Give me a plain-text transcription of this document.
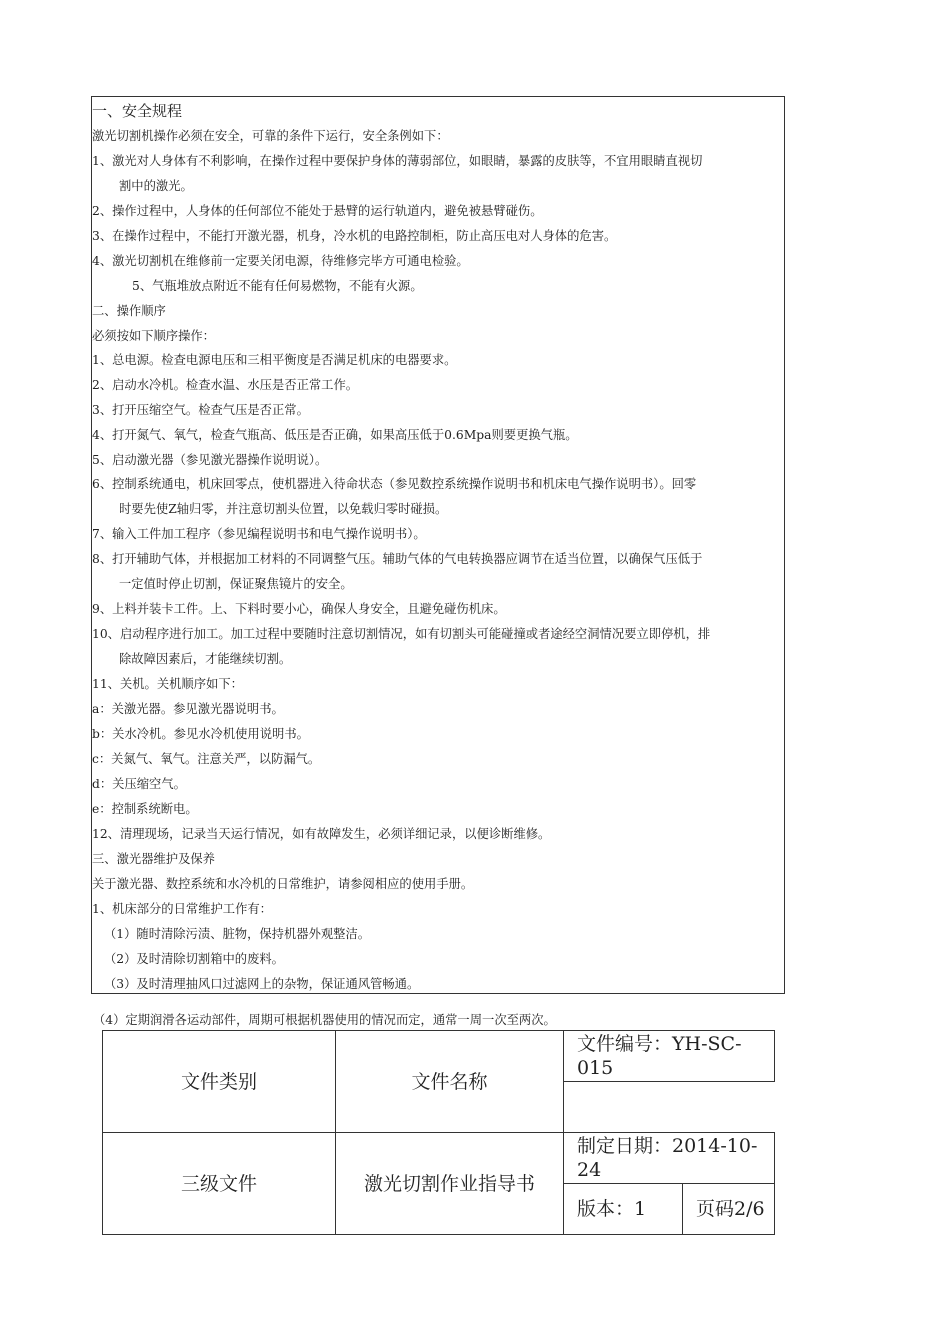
一、安全规程
激光切割机操作必须在安全，可靠的条件下运行，安全条例如下：
1、激光对人身体有不利影响，在操作过程中要保护身体的薄弱部位，如眼睛，暴露的皮肤等，不宜用眼睛直视切
割中的激光。
2、操作过程中，人身体的任何部位不能处于悬臂的运行轨道内，避免被悬臂碰伤。
3、在操作过程中，不能打开激光器，机身，冷水机的电路控制柜，防止高压电对人身体的危害。
4、激光切割机在维修前一定要关闭电源，待维修完毕方可通电检验。
5、气瓶堆放点附近不能有任何易燃物，不能有火源。
二、操作顺序
必须按如下顺序操作：
1、总电源。检查电源电压和三相平衡度是否满足机床的电器要求。
2、启动水冷机。检查水温、水压是否正常工作。
3、打开压缩空气。检查气压是否正常。
4、打开氮气、氧气，检查气瓶高、低压是否正确，如果高压低于0.6Mpa则要更换气瓶。
5、启动激光器（参见激光器操作说明说）。
6、控制系统通电，机床回零点，使机器进入待命状态（参见数控系统操作说明书和机床电气操作说明书）。回零
时要先使Z轴归零，并注意切割头位置，以免载归零时碰损。
7、输入工件加工程序（参见编程说明书和电气操作说明书）。
8、打开辅助气体，并根据加工材料的不同调整气压。辅助气体的气电转换器应调节在适当位置，以确保气压低于
一定值时停止切割，保证聚焦镜片的安全。
9、上料并装卡工件。上、下料时要小心，确保人身安全，且避免碰伤机床。
10、启动程序进行加工。加工过程中要随时注意切割情况，如有切割头可能碰撞或者途经空洞情况要立即停机，排
除故障因素后，才能继续切割。
11、关机。关机顺序如下：
a：关激光器。参见激光器说明书。
b：关水冷机。参见水冷机使用说明书。
c：关氮气、氧气。注意关严，以防漏气。
d：关压缩空气。
e：控制系统断电。
12、清理现场，记录当天运行情况，如有故障发生，必须详细记录，以便诊断维修。
三、激光器维护及保养
关于激光器、数控系统和水冷机的日常维护，请参阅相应的使用手册。
1、机床部分的日常维护工作有：
（1）随时清除污渍、脏物，保持机器外观整洁。
（2）及时清除切割箱中的废料。
（3）及时清理抽风口过滤网上的杂物，保证通风管畅通。
（4）定期润滑各运动部件，周期可根据机器使用的情况而定，通常一周一次至两次。
文件类别	文件名称	文件编号：YH-SC-015	

三级文件	激光切割作业指导书	制定日期：2014-10-24	
		版本：1	页码2/6
